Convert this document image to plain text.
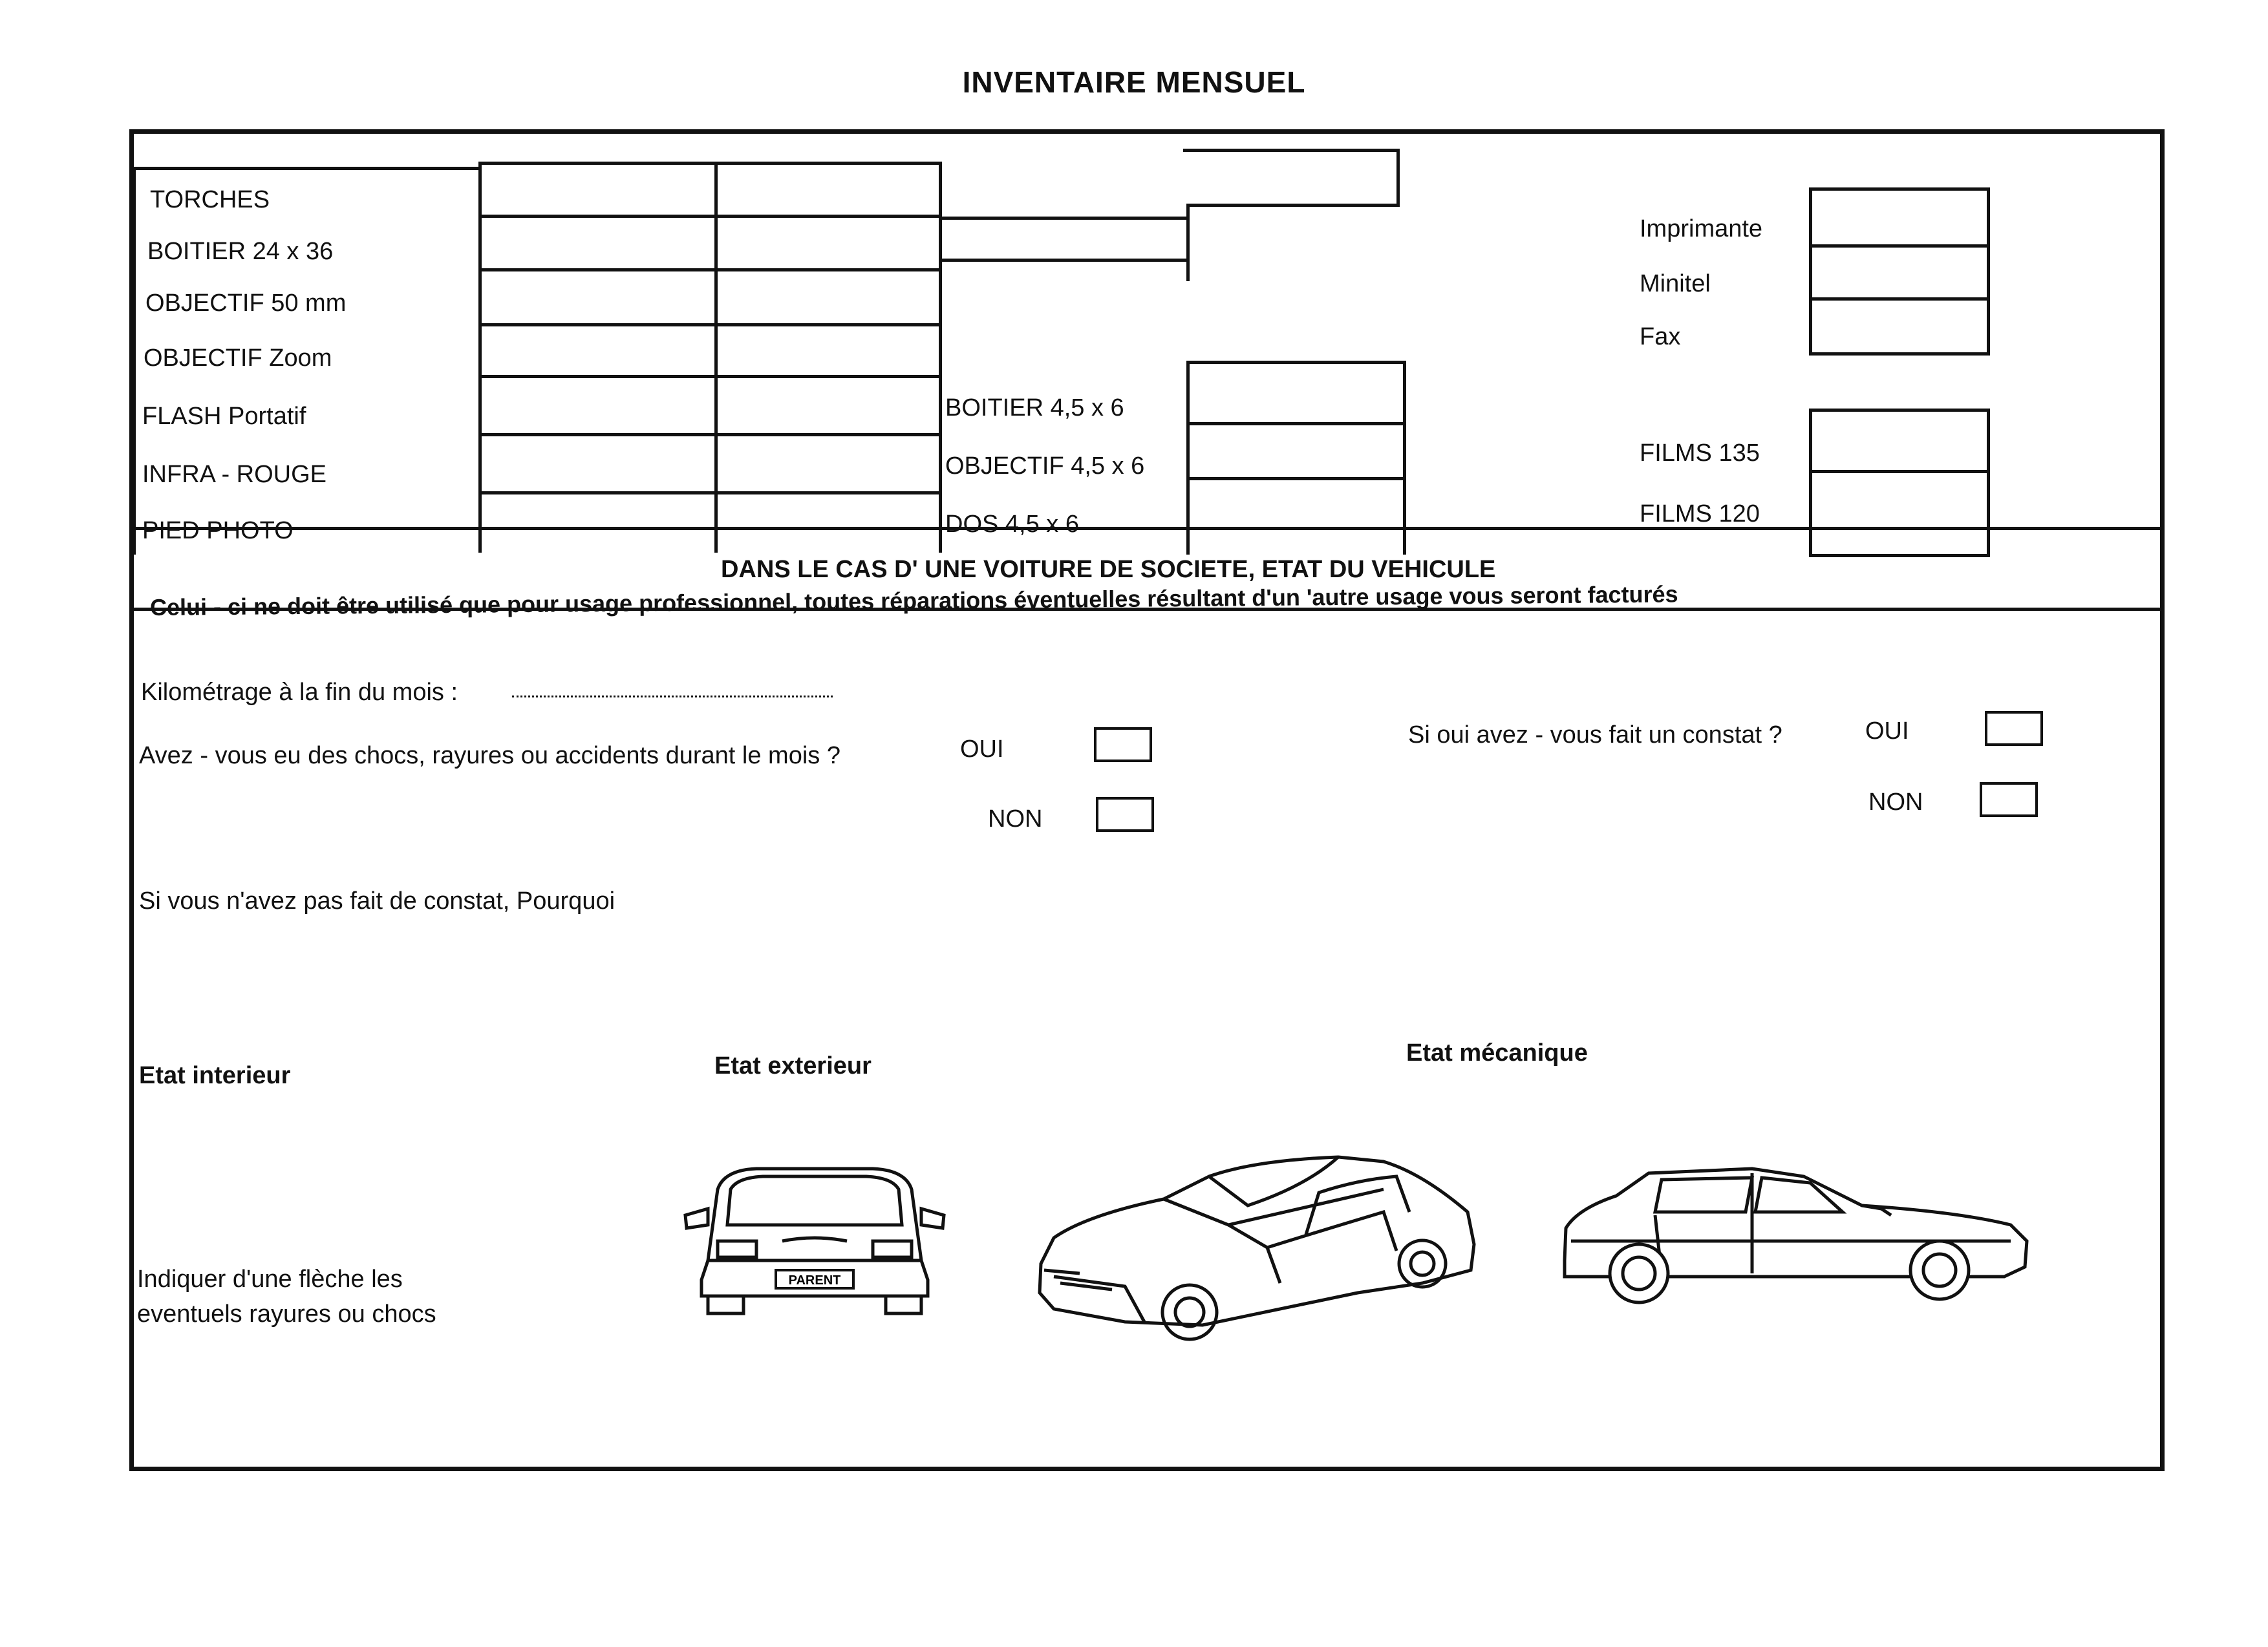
INVENTAIRE MENSUEL
TORCHES
BOITIER 24 x 36
OBJECTIF 50 mm
OBJECTIF Zoom
FLASH Portatif
INFRA - ROUGE
PIED PHOTO
BOITIER 4,5 x 6
OBJECTIF 4,5 x 6
DOS 4,5 x 6
Imprimante
Minitel
Fax
FILMS 135
FILMS 120
DANS LE CAS D' UNE VOITURE DE SOCIETE, ETAT DU VEHICULE
Celui - ci ne doit être utilisé que pour usage professionnel, toutes réparations éventuelles résultant d'un 'autre usage vous seront facturés
Kilométrage à la fin du mois :
Avez - vous eu des chocs, rayures ou accidents durant le mois ?	OUI
NON
Si oui avez - vous fait un constat ?	OUI
NON
Si vous n'avez pas fait de constat, Pourquoi
Etat interieur	Etat exterieur	Etat mécanique
Indiquer d'une flèche les
eventuels rayures ou chocs
PARENT
